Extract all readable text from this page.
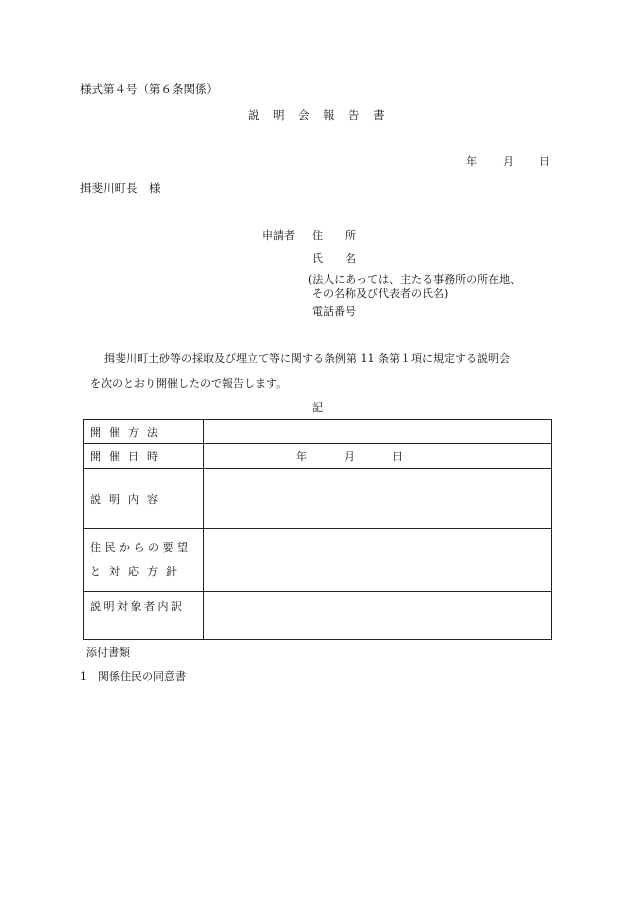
様式第４号（第６条関係）
説　明　会　報　告　書
年 月 日
揖斐川町長　様
申請者 住　　所
氏　　名
(法人にあっては、主たる事務所の所在地、
その名称及び代表者の氏名)
電話番号
揖斐川町土砂等の採取及び埋立て等に関する条例第 11 条第１項に規定する説明会
を次のとおり開催したので報告します。
記
開催方法	

開催日時	年 月 日

説明内容	

住民からの要望
と対応方針	

説明対象者内訳	

添付書類
1　関係住民の同意書
